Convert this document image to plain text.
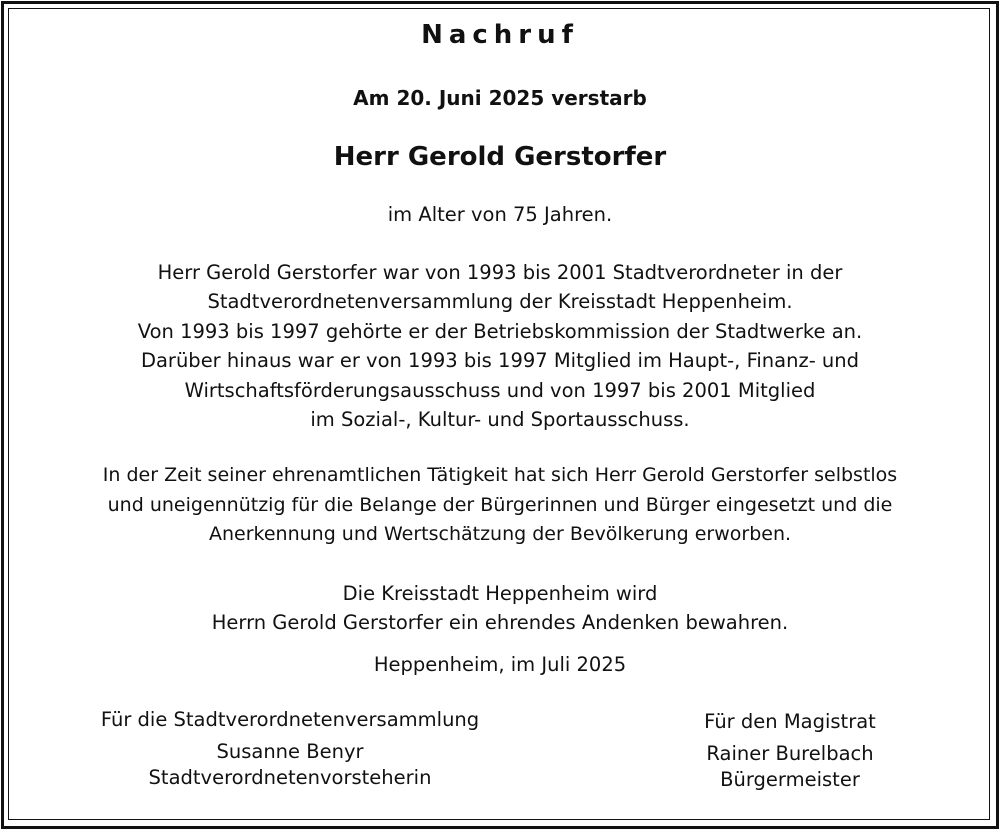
Nachruf
Am 20. Juni 2025 verstarb
Herr Gerold Gerstorfer
im Alter von 75 Jahren.
Herr Gerold Gerstorfer war von 1993 bis 2001 Stadtverordneter in der
Stadtverordnetenversammlung der Kreisstadt Heppenheim.
Von 1993 bis 1997 gehörte er der Betriebskommission der Stadtwerke an.
Darüber hinaus war er von 1993 bis 1997 Mitglied im Haupt-, Finanz- und
Wirtschaftsförderungsausschuss und von 1997 bis 2001 Mitglied
im Sozial-, Kultur- und Sportausschuss.
In der Zeit seiner ehrenamtlichen Tätigkeit hat sich Herr Gerold Gerstorfer selbstlos
und uneigennützig für die Belange der Bürgerinnen und Bürger eingesetzt und die
Anerkennung und Wertschätzung der Bevölkerung erworben.
Die Kreisstadt Heppenheim wird
Herrn Gerold Gerstorfer ein ehrendes Andenken bewahren.
Heppenheim, im Juli 2025
Für die Stadtverordnetenversammlung
Susanne Benyr
Stadtverordnetenvorsteherin
Für den Magistrat
Rainer Burelbach
Bürgermeister
